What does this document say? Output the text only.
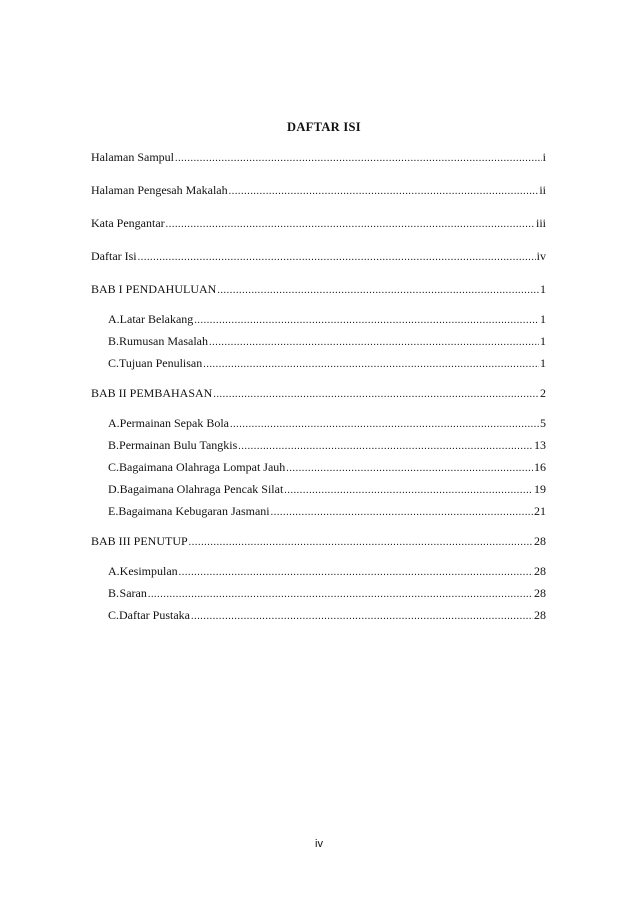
DAFTAR ISI
Halaman Sampul .....	i
Halaman Pengesah Makalah .....	ii
Kata Pengantar .....	iii
Daftar Isi .....	iv
BAB I PENDAHULUAN .....	1
A. Latar Belakang .....	1
B. Rumusan Masalah .....	1
C. Tujuan Penulisan .....	1
BAB II PEMBAHASAN .....	2
A. Permainan Sepak Bola .....	5
B. Permainan Bulu Tangkis .....	13
C. Bagaimana Olahraga Lompat Jauh .....	16
D. Bagaimana Olahraga Pencak Silat .....	19
E. Bagaimana Kebugaran Jasmani .....	21
BAB III PENUTUP .....	28
A. Kesimpulan .....	28
B. Saran .....	28
C. Daftar Pustaka .....	28
iv
